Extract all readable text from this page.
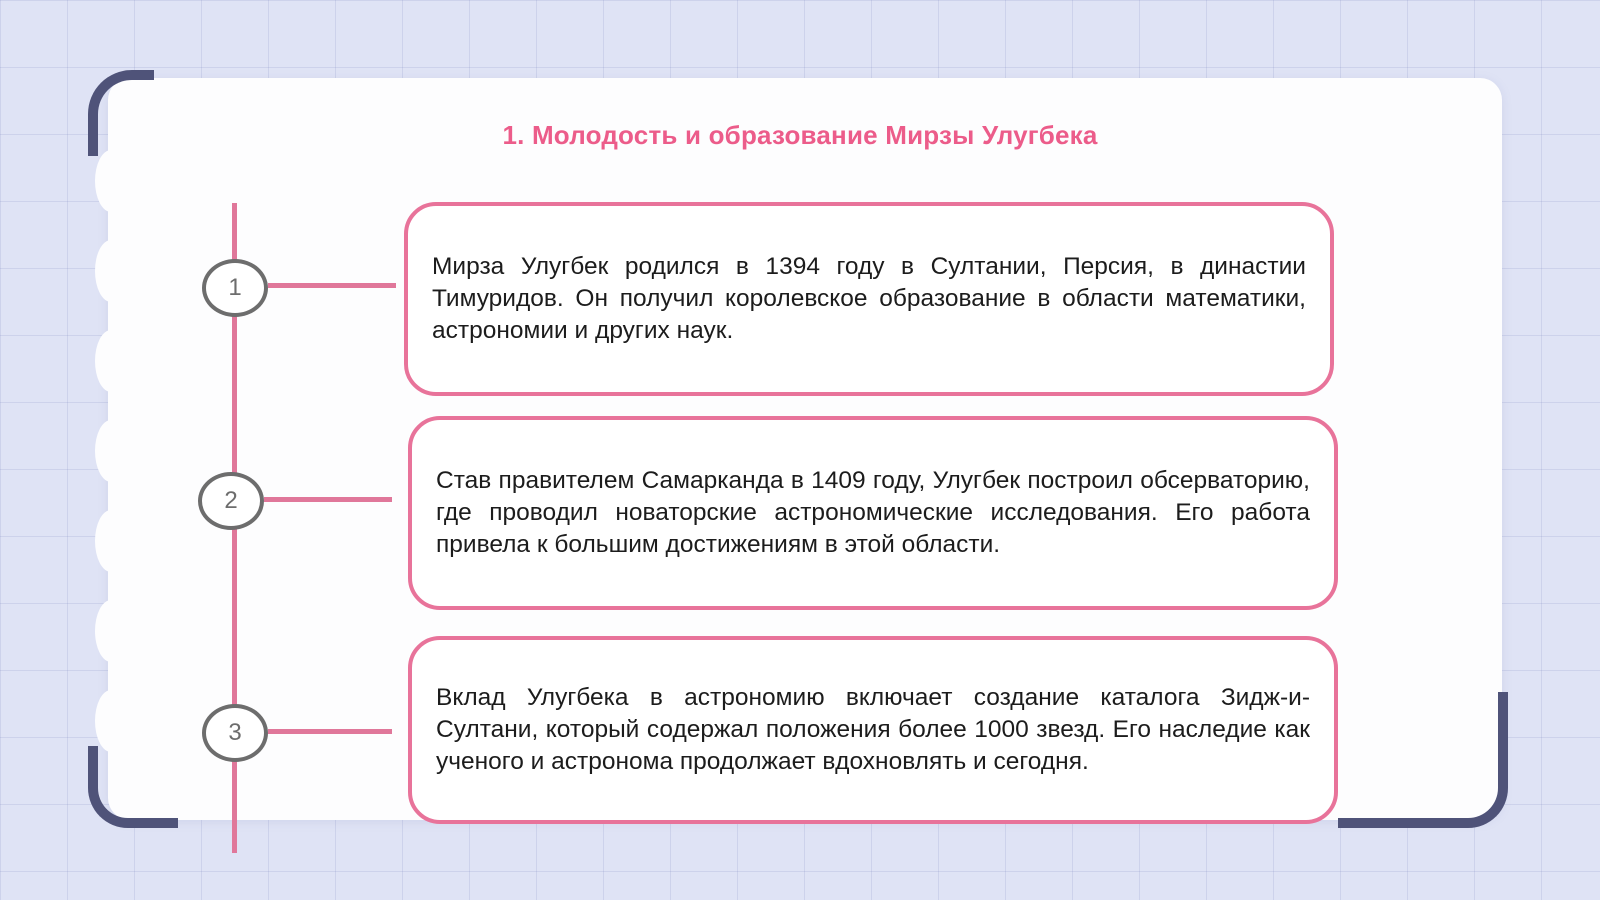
1. Молодость и образование Мирзы Улугбека
1

Мирза Улугбек родился в 1394 году в Султании, Персия, в династии Тимуридов. Он получил королевское образование в области математики, астрономии и других наук.

2

Став правителем Самарканда в 1409 году, Улугбек построил обсерваторию, где проводил новаторские астрономические исследования. Его работа привела к большим достижениям в этой области.

3

Вклад Улугбека в астрономию включает создание каталога Зидж-и-Султани, который содержал положения более 1000 звезд. Его наследие как ученого и астронома продолжает вдохновлять и сегодня.
